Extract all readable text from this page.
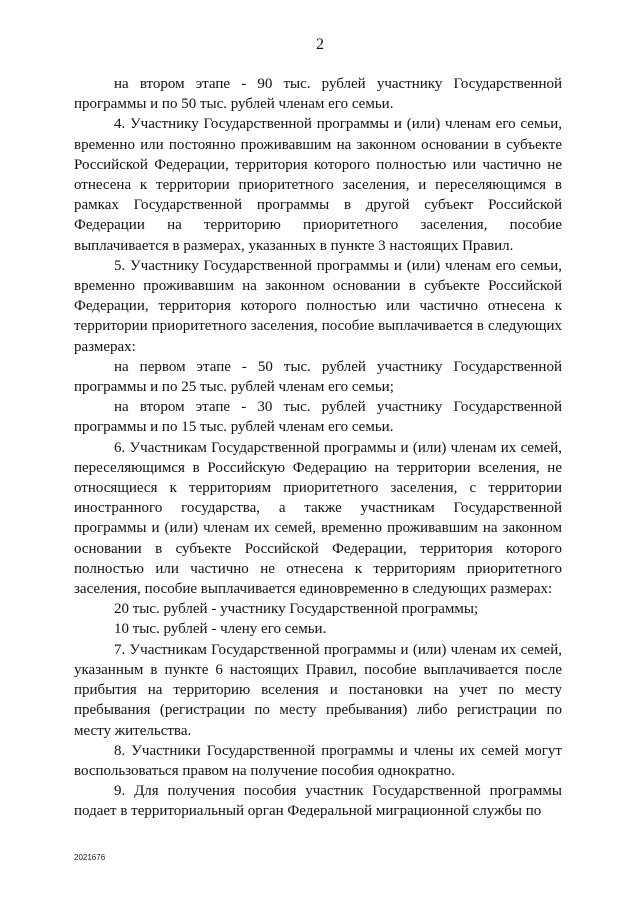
2

на втором этапе - 90 тыс. рублей участнику Государственной программы и по 50 тыс. рублей членам его семьи.

4. Участнику Государственной программы и (или) членам его семьи, временно или постоянно проживавшим на законном основании в субъекте Российской Федерации, территория которого полностью или частично не отнесена к территории приоритетного заселения, и переселяющимся в рамках Государственной программы в другой субъект Российской Федерации на территорию приоритетного заселения, пособие выплачивается в размерах, указанных в пункте 3 настоящих Правил.

5. Участнику Государственной программы и (или) членам его семьи, временно проживавшим на законном основании в субъекте Российской Федерации, территория которого полностью или частично отнесена к территории приоритетного заселения, пособие выплачивается в следующих размерах:

на первом этапе - 50 тыс. рублей участнику Государственной программы и по 25 тыс. рублей членам его семьи;

на втором этапе - 30 тыс. рублей участнику Государственной программы и по 15 тыс. рублей членам его семьи.

6. Участникам Государственной программы и (или) членам их семей, переселяющимся в Российскую Федерацию на территории вселения, не относящиеся к территориям приоритетного заселения, с территории иностранного государства, а также участникам Государственной программы и (или) членам их семей, временно проживавшим на законном основании в субъекте Российской Федерации, территория которого полностью или частично не отнесена к территориям приоритетного заселения, пособие выплачивается единовременно в следующих размерах:

20 тыс. рублей - участнику Государственной программы;

10 тыс. рублей - члену его семьи.

7. Участникам Государственной программы и (или) членам их семей, указанным в пункте 6 настоящих Правил, пособие выплачивается после прибытия на территорию вселения и постановки на учет по месту пребывания (регистрации по месту пребывания) либо регистрации по месту жительства.

8. Участники Государственной программы и члены их семей могут воспользоваться правом на получение пособия однократно.

9. Для получения пособия участник Государственной программы подает в территориальный орган Федеральной миграционной службы по

2021676
